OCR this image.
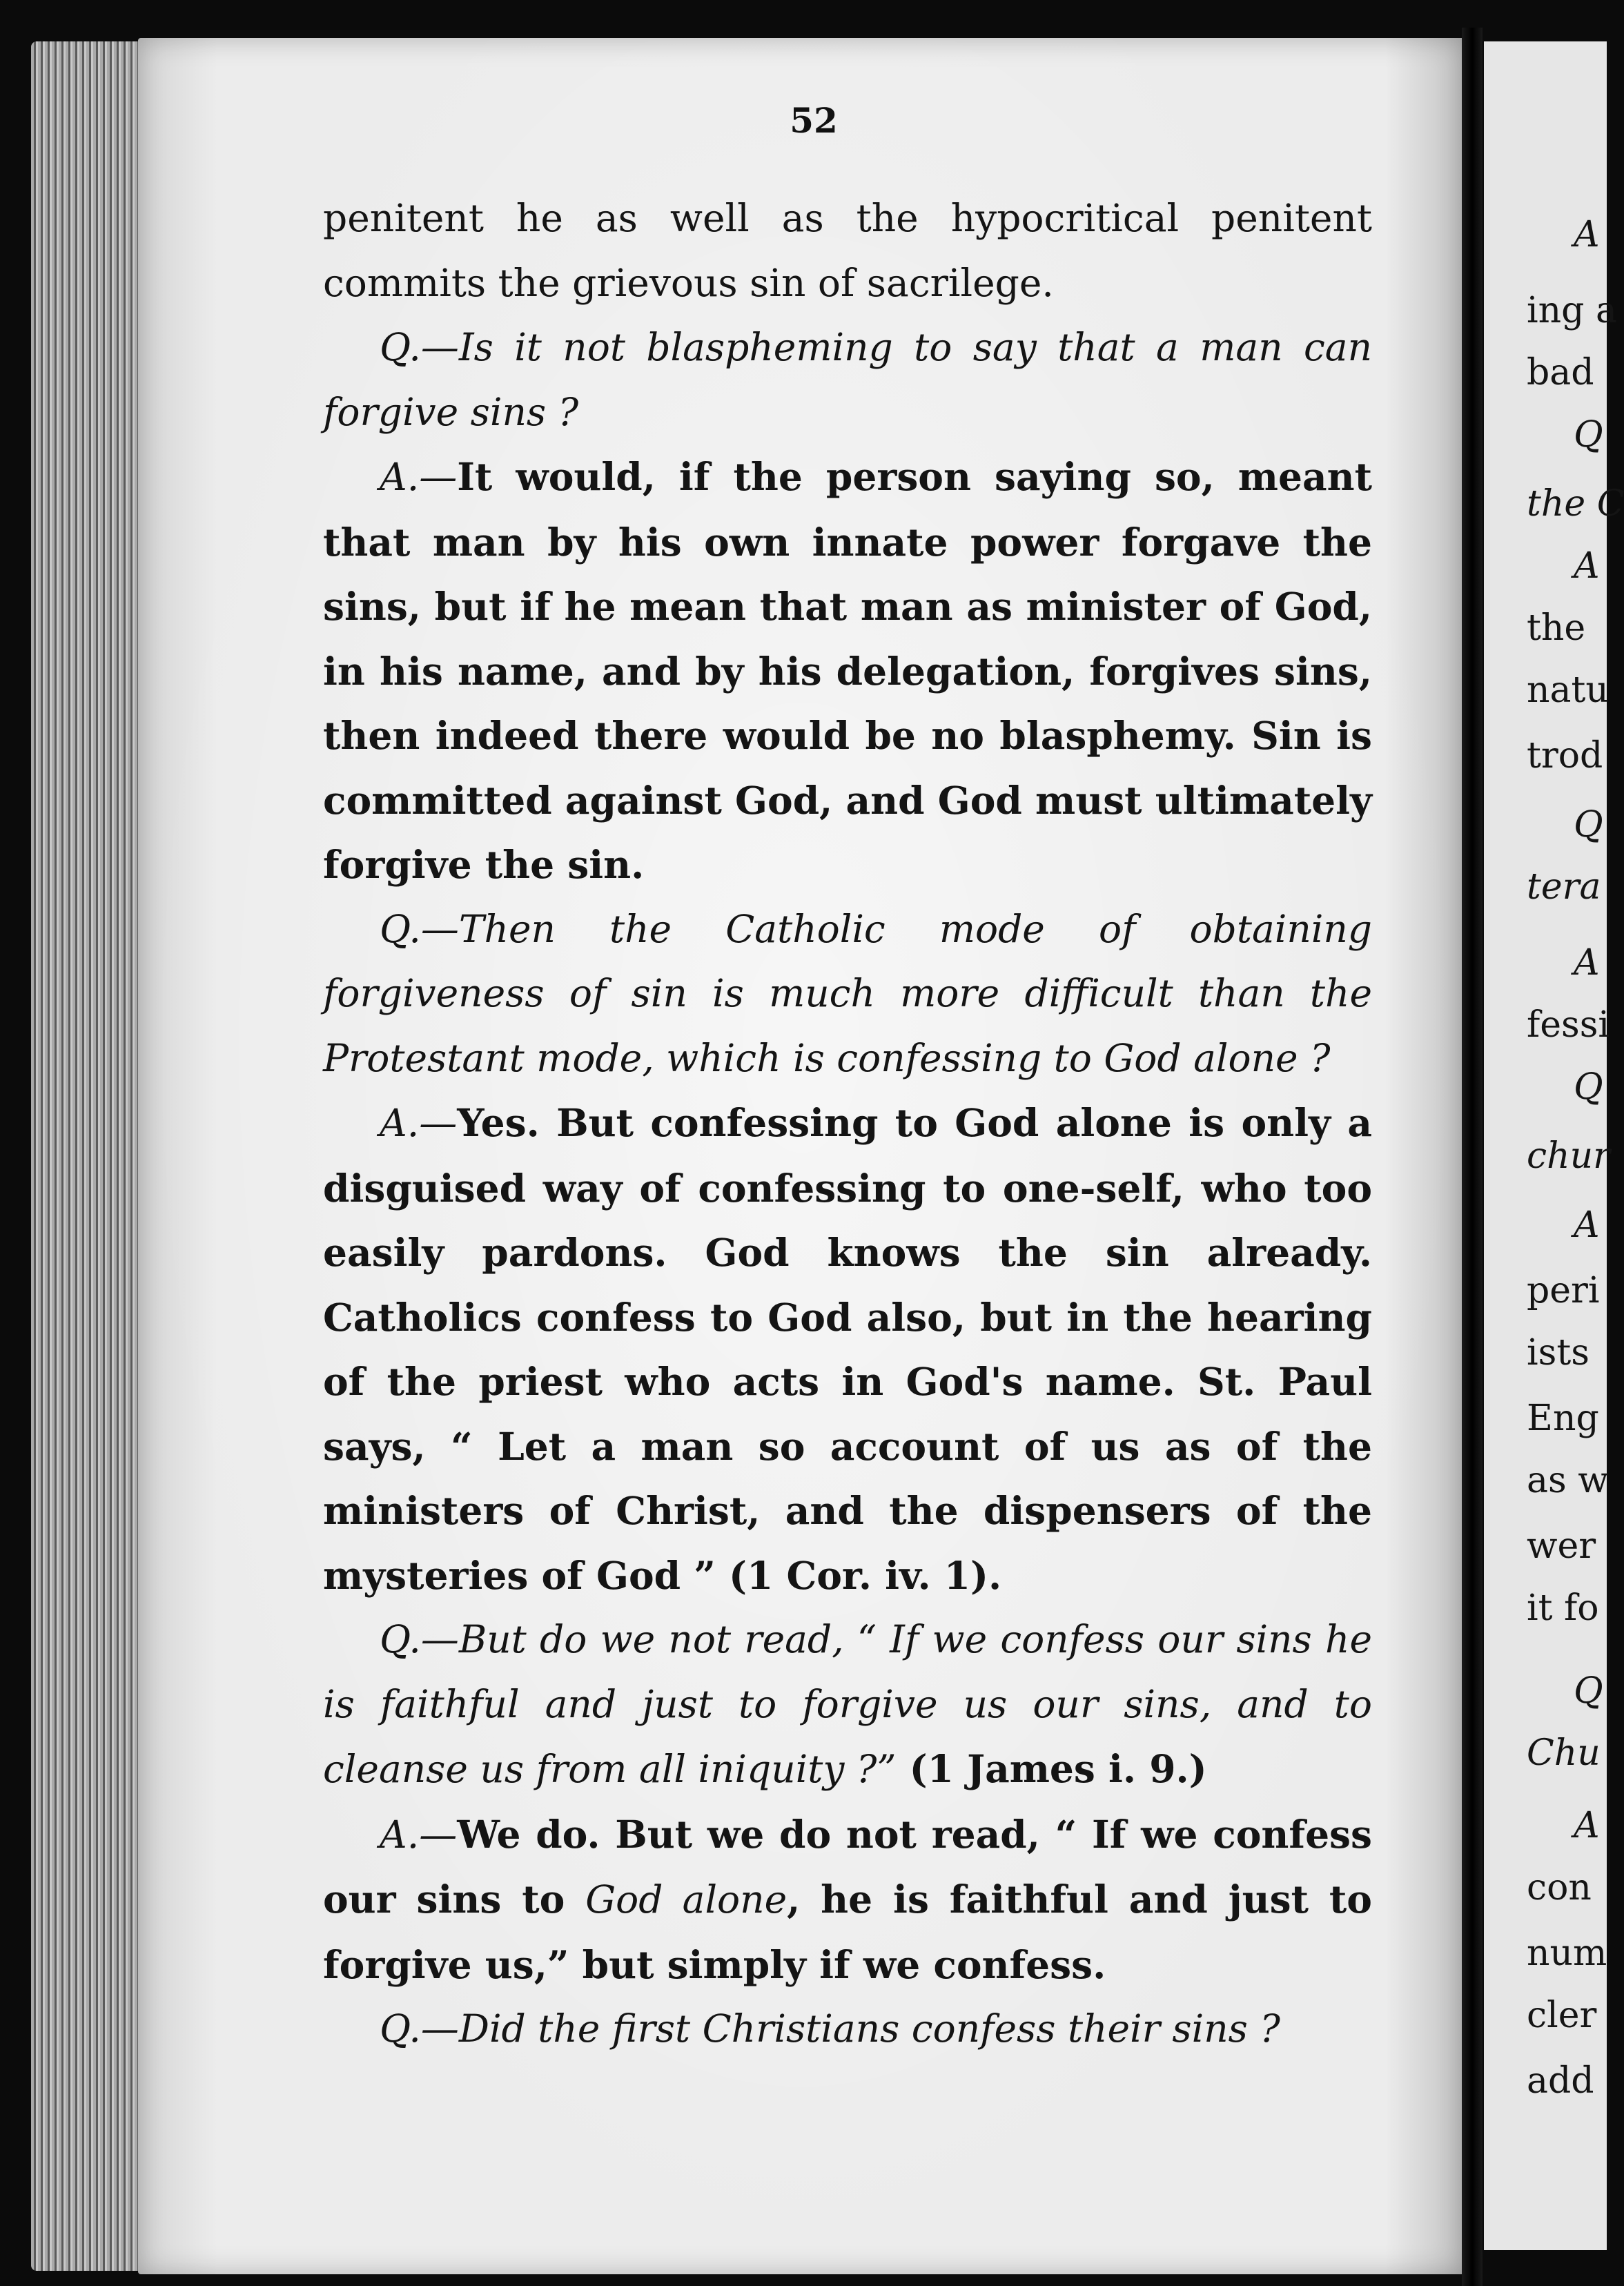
A
ing a
bad
Q
the C
A
the
natu
trod
Q
tera
A
fessi
Q
chur
A
peri
ists
Eng
as w
wer
it fo
Q
Chu
A
con
num
cler
add
52

penitent he as well as the hypocritical penitent commits the grievous sin of sacrilege.

Q.—Is it not blaspheming to say that a man can forgive sins ?

A.—It would, if the person saying so, meant that man by his own innate power forgave the sins, but if he mean that man as minister of God, in his name, and by his delegation, forgives sins, then indeed there would be no blasphemy. Sin is committed against God, and God must ultimately forgive the sin.

Q.—Then the Catholic mode of obtaining forgiveness of sin is much more difficult than the Protestant mode, which is confessing to God alone ?

A.—Yes. But confessing to God alone is only a disguised way of confessing to one-self, who too easily pardons. God knows the sin already. Catholics confess to God also, but in the hearing of the priest who acts in God's name. St. Paul says, “ Let a man so account of us as of the ministers of Christ, and the dispensers of the mysteries of God ” (1 Cor. iv. 1).

Q.—But do we not read, “ If we confess our sins he is faithful and just to forgive us our sins, and to cleanse us from all iniquity ?” (1 James i. 9.)

A.—We do. But we do not read, “ If we confess our sins to God alone, he is faithful and just to forgive us,” but simply if we confess.

Q.—Did the first Christians confess their sins ?
